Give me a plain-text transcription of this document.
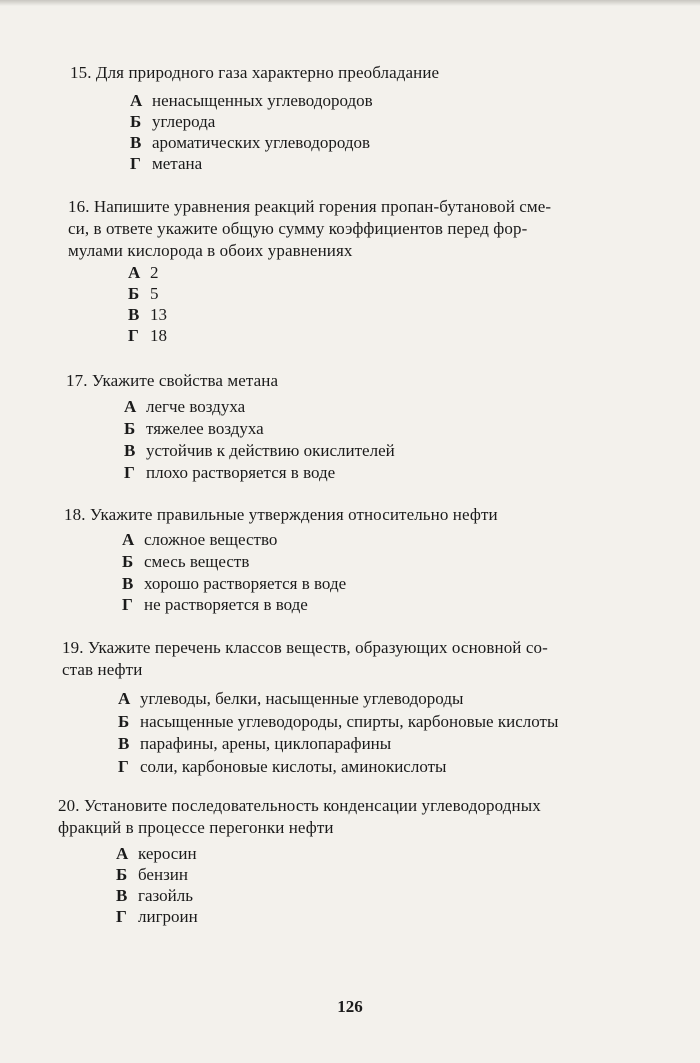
15. Для природного газа характерно преобладание
А ненасыщенных углеводородов
Б углерода
В ароматических углеводородов
Г метана
16. Напишите уравнения реакций горения пропан-бутановой сме-
си, в ответе укажите общую сумму коэффициентов перед фор-
мулами кислорода в обоих уравнениях
А 2
Б 5
В 13
Г 18
17. Укажите свойства метана
А легче воздуха
Б тяжелее воздуха
В устойчив к действию окислителей
Г плохо растворяется в воде
18. Укажите правильные утверждения относительно нефти
А сложное вещество
Б смесь веществ
В хорошо растворяется в воде
Г не растворяется в воде
19. Укажите перечень классов веществ, образующих основной со-
став нефти
А углеводы, белки, насыщенные углеводороды
Б насыщенные углеводороды, спирты, карбоновые кислоты
В парафины, арены, циклопарафины
Г соли, карбоновые кислоты, аминокислоты
20. Установите последовательность конденсации углеводородных
фракций в процессе перегонки нефти
А керосин
Б бензин
В газойль
Г лигроин
126
